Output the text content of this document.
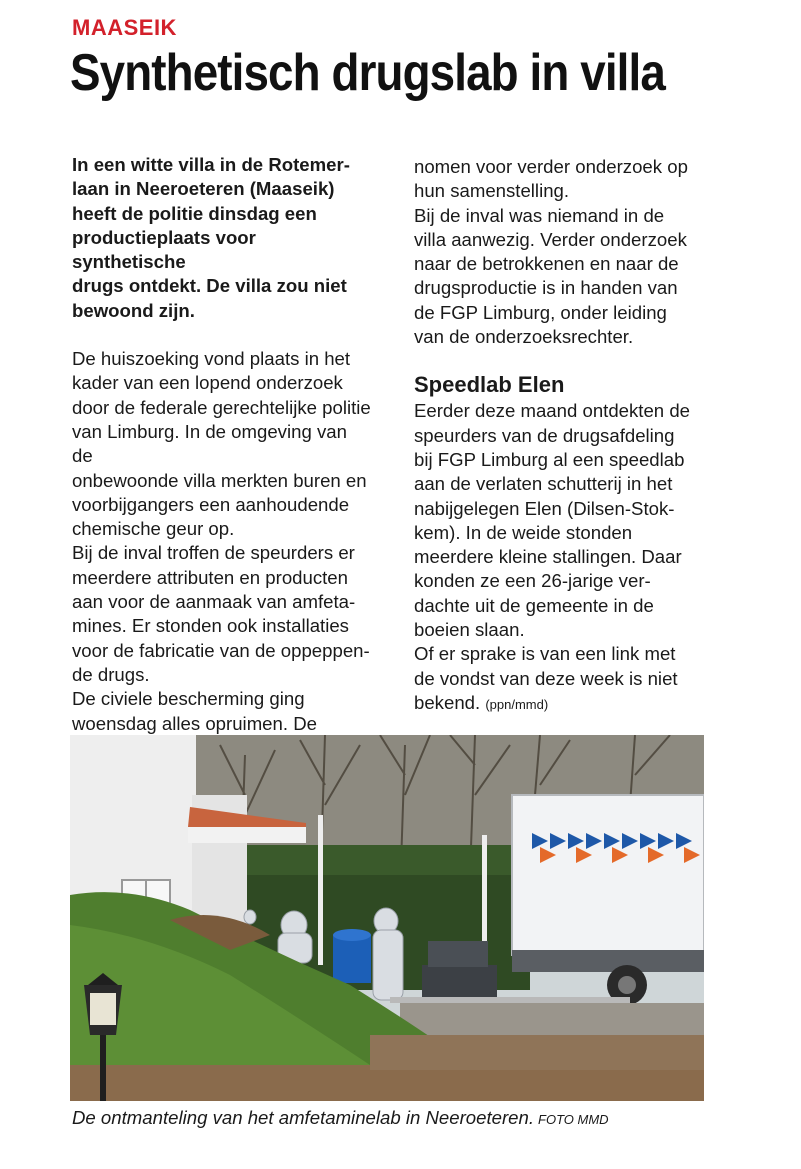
MAASEIK
Synthetisch drugslab in villa

In een witte villa in de Rotemer-
laan in Neeroeteren (Maaseik)
heeft de politie dinsdag een
productieplaats voor synthetische
drugs ontdekt. De villa zou niet
bewoond zijn.

De huiszoeking vond plaats in het
kader van een lopend onderzoek
door de federale gerechtelijke politie
van Limburg. In de omgeving van de
onbewoonde villa merkten buren en
voorbijgangers een aanhoudende
chemische geur op.
Bij de inval troffen de speurders er
meerdere attributen en producten
aan voor de aanmaak van amfeta-
mines. Er stonden ook installaties
voor de fabricatie van de oppeppen-
de drugs.
De civiele bescherming ging
woensdag alles opruimen. De

nomen voor verder onderzoek op
hun samenstelling.
Bij de inval was niemand in de
villa aanwezig. Verder onderzoek
naar de betrokkenen en naar de
drugsproductie is in handen van
de FGP Limburg, onder leiding
van de onderzoeksrechter.

Speedlab Elen

Eerder deze maand ontdekten de
speurders van de drugsafdeling
bij FGP Limburg al een speedlab
aan de verlaten schutterij in het
nabijgelegen Elen (Dilsen-Stok-
kem). In de weide stonden
meerdere kleine stallingen. Daar
konden ze een 26-jarige ver-
dachte uit de gemeente in de
boeien slaan.
Of er sprake is van een link met
de vondst van deze week is niet

bekend. (ppn/mmd)

De ontmanteling van het amfetaminelab in Neeroeteren. FOTO MMD
